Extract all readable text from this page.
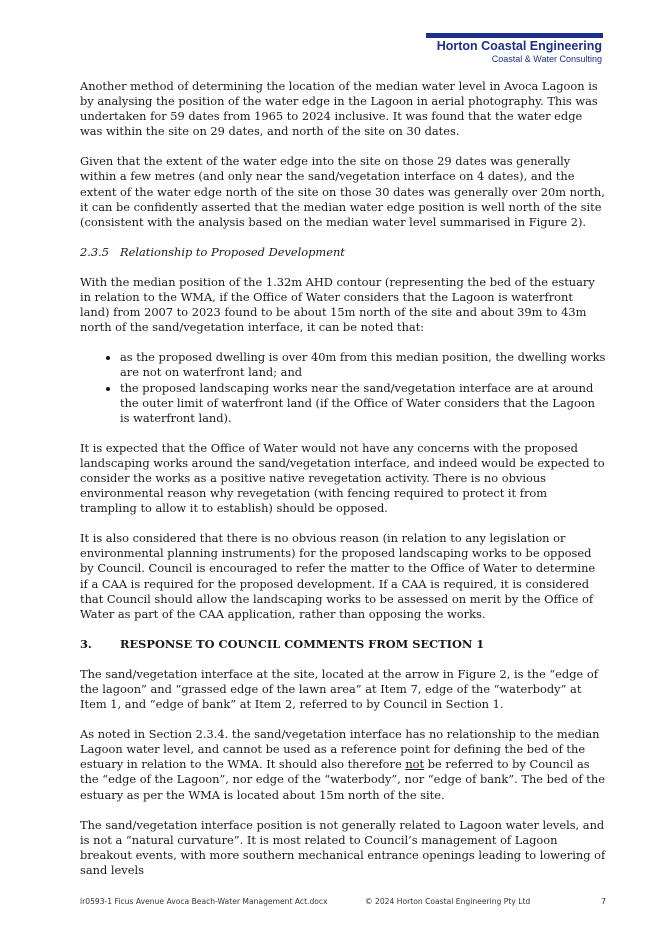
Horton Coastal Engineering
Coastal & Water Consulting

Another method of determining the location of the median water level in Avoca Lagoon is by analysing the position of the water edge in the Lagoon in aerial photography. This was undertaken for 59 dates from 1965 to 2024 inclusive. It was found that the water edge was within the site on 29 dates, and north of the site on 30 dates.

Given that the extent of the water edge into the site on those 29 dates was generally within a few metres (and only near the sand/vegetation interface on 4 dates), and the extent of the water edge north of the site on those 30 dates was generally over 20m north, it can be confidently asserted that the median water edge position is well north of the site (consistent with the analysis based on the median water level summarised in Figure 2).

2.3.5 Relationship to Proposed Development

With the median position of the 1.32m AHD contour (representing the bed of the estuary in relation to the WMA, if the Office of Water considers that the Lagoon is waterfront land) from 2007 to 2023 found to be about 15m north of the site and about 39m to 43m north of the sand/vegetation interface, it can be noted that:

• as the proposed dwelling is over 40m from this median position, the dwelling works are not on waterfront land; and
• the proposed landscaping works near the sand/vegetation interface are at around the outer limit of waterfront land (if the Office of Water considers that the Lagoon is waterfront land).

It is expected that the Office of Water would not have any concerns with the proposed landscaping works around the sand/vegetation interface, and indeed would be expected to consider the works as a positive native revegetation activity. There is no obvious environmental reason why revegetation (with fencing required to protect it from trampling to allow it to establish) should be opposed.

It is also considered that there is no obvious reason (in relation to any legislation or environmental planning instruments) for the proposed landscaping works to be opposed by Council. Council is encouraged to refer the matter to the Office of Water to determine if a CAA is required for the proposed development. If a CAA is required, it is considered that Council should allow the landscaping works to be assessed on merit by the Office of Water as part of the CAA application, rather than opposing the works.

3. RESPONSE TO COUNCIL COMMENTS FROM SECTION 1

The sand/vegetation interface at the site, located at the arrow in Figure 2, is the “edge of the lagoon” and “grassed edge of the lawn area” at Item 7, edge of the “waterbody” at Item 1, and “edge of bank” at Item 2, referred to by Council in Section 1.

As noted in Section 2.3.4. the sand/vegetation interface has no relationship to the median Lagoon water level, and cannot be used as a reference point for defining the bed of the estuary in relation to the WMA. It should also therefore not be referred to by Council as the “edge of the Lagoon”, nor edge of the “waterbody”, nor “edge of bank”. The bed of the estuary as per the WMA is located about 15m north of the site.

The sand/vegetation interface position is not generally related to Lagoon water levels, and is not a “natural curvature”. It is most related to Council’s management of Lagoon breakout events, with more southern mechanical entrance openings leading to lowering of sand levels

lr0593-1 Ficus Avenue Avoca Beach-Water Management Act.docx	© 2024 Horton Coastal Engineering Pty Ltd	7
